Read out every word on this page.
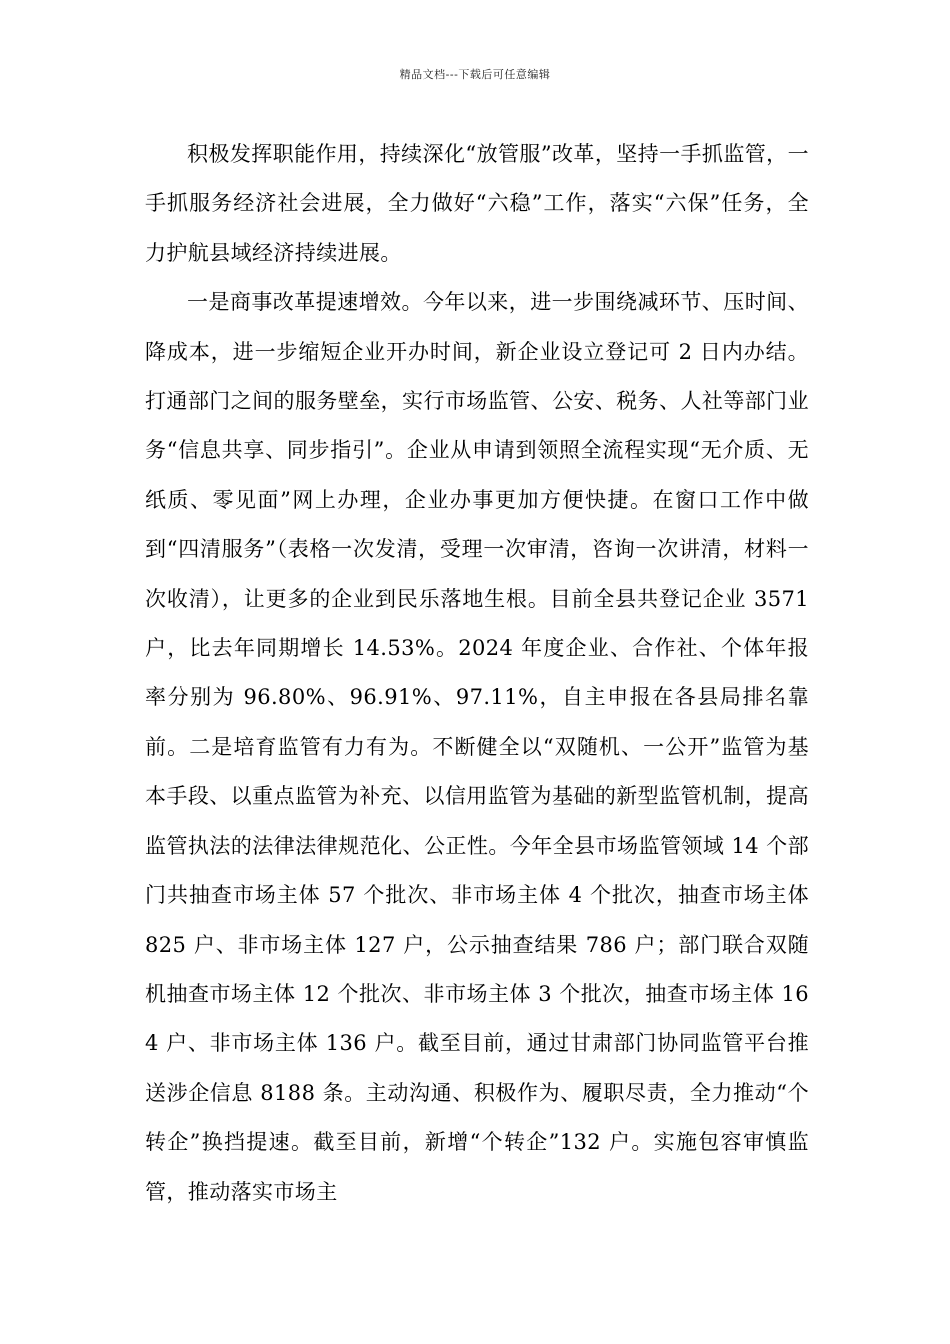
精品文档---下载后可任意编辑

积极发挥职能作用，持续深化“放管服”改革，坚持一手抓监管，一手抓服务经济社会进展，全力做好“六稳”工作，落实“六保”任务，全力护航县域经济持续进展。

一是商事改革提速增效。今年以来，进一步围绕减环节、压时间、降成本，进一步缩短企业开办时间，新企业设立登记可 2 日内办结。打通部门之间的服务壁垒，实行市场监管、公安、税务、人社等部门业务“信息共享、同步指引”。企业从申请到领照全流程实现“无介质、无纸质、零见面”网上办理，企业办事更加方便快捷。在窗口工作中做到“四清服务”（表格一次发清，受理一次审清，咨询一次讲清，材料一次收清），让更多的企业到民乐落地生根。目前全县共登记企业 3571 户，比去年同期增长 14.53%。2024 年度企业、合作社、个体年报率分别为 96.80%、96.91%、97.11%，自主申报在各县局排名靠前。二是培育监管有力有为。不断健全以“双随机、一公开”监管为基本手段、以重点监管为补充、以信用监管为基础的新型监管机制，提高监管执法的法律法律规范化、公正性。今年全县市场监管领域 14 个部门共抽查市场主体 57 个批次、非市场主体 4 个批次，抽查市场主体 825 户、非市场主体 127 户，公示抽查结果 786 户；部门联合双随机抽查市场主体 12 个批次、非市场主体 3 个批次，抽查市场主体 164 户、非市场主体 136 户。截至目前，通过甘肃部门协同监管平台推送涉企信息 8188 条。主动沟通、积极作为、履职尽责，全力推动“个转企”换挡提速。截至目前，新增“个转企”132 户。实施包容审慎监管，推动落实市场主
